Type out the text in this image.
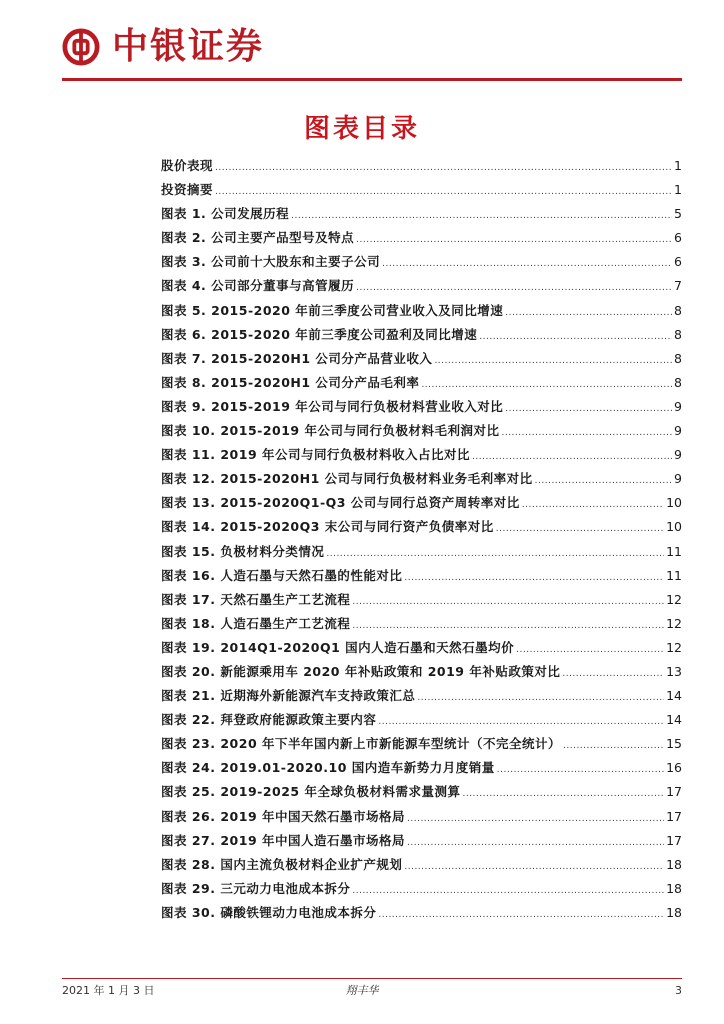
中银证券
图表目录
股价表现 .....	1
投资摘要 .....	1
图表 1. 公司发展历程 .....	5
图表 2. 公司主要产品型号及特点 .....	6
图表 3. 公司前十大股东和主要子公司 .....	6
图表 4. 公司部分董事与高管履历 .....	7
图表 5. 2015-2020 年前三季度公司营业收入及同比增速 .....	8
图表 6. 2015-2020 年前三季度公司盈利及同比增速 .....	8
图表 7. 2015-2020H1 公司分产品营业收入 .....	8
图表 8. 2015-2020H1 公司分产品毛利率 .....	8
图表 9. 2015-2019 年公司与同行负极材料营业收入对比 .....	9
图表 10. 2015-2019 年公司与同行负极材料毛利润对比 .....	9
图表 11. 2019 年公司与同行负极材料收入占比对比 .....	9
图表 12. 2015-2020H1 公司与同行负极材料业务毛利率对比 .....	9
图表 13. 2015-2020Q1-Q3 公司与同行总资产周转率对比 .....	10
图表 14. 2015-2020Q3 末公司与同行资产负债率对比 .....	10
图表 15. 负极材料分类情况 .....	11
图表 16. 人造石墨与天然石墨的性能对比 .....	11
图表 17. 天然石墨生产工艺流程 .....	12
图表 18. 人造石墨生产工艺流程 .....	12
图表 19. 2014Q1-2020Q1 国内人造石墨和天然石墨均价 .....	12
图表 20. 新能源乘用车 2020 年补贴政策和 2019 年补贴政策对比 .....	13
图表 21. 近期海外新能源汽车支持政策汇总 .....	14
图表 22. 拜登政府能源政策主要内容 .....	14
图表 23. 2020 年下半年国内新上市新能源车型统计（不完全统计） .....	15
图表 24. 2019.01-2020.10 国内造车新势力月度销量 .....	16
图表 25. 2019-2025 年全球负极材料需求量测算 .....	17
图表 26. 2019 年中国天然石墨市场格局 .....	17
图表 27. 2019 年中国人造石墨市场格局 .....	17
图表 28. 国内主流负极材料企业扩产规划 .....	18
图表 29. 三元动力电池成本拆分 .....	18
图表 30. 磷酸铁锂动力电池成本拆分 .....	18
2021 年 1 月 3 日	翔丰华	3
